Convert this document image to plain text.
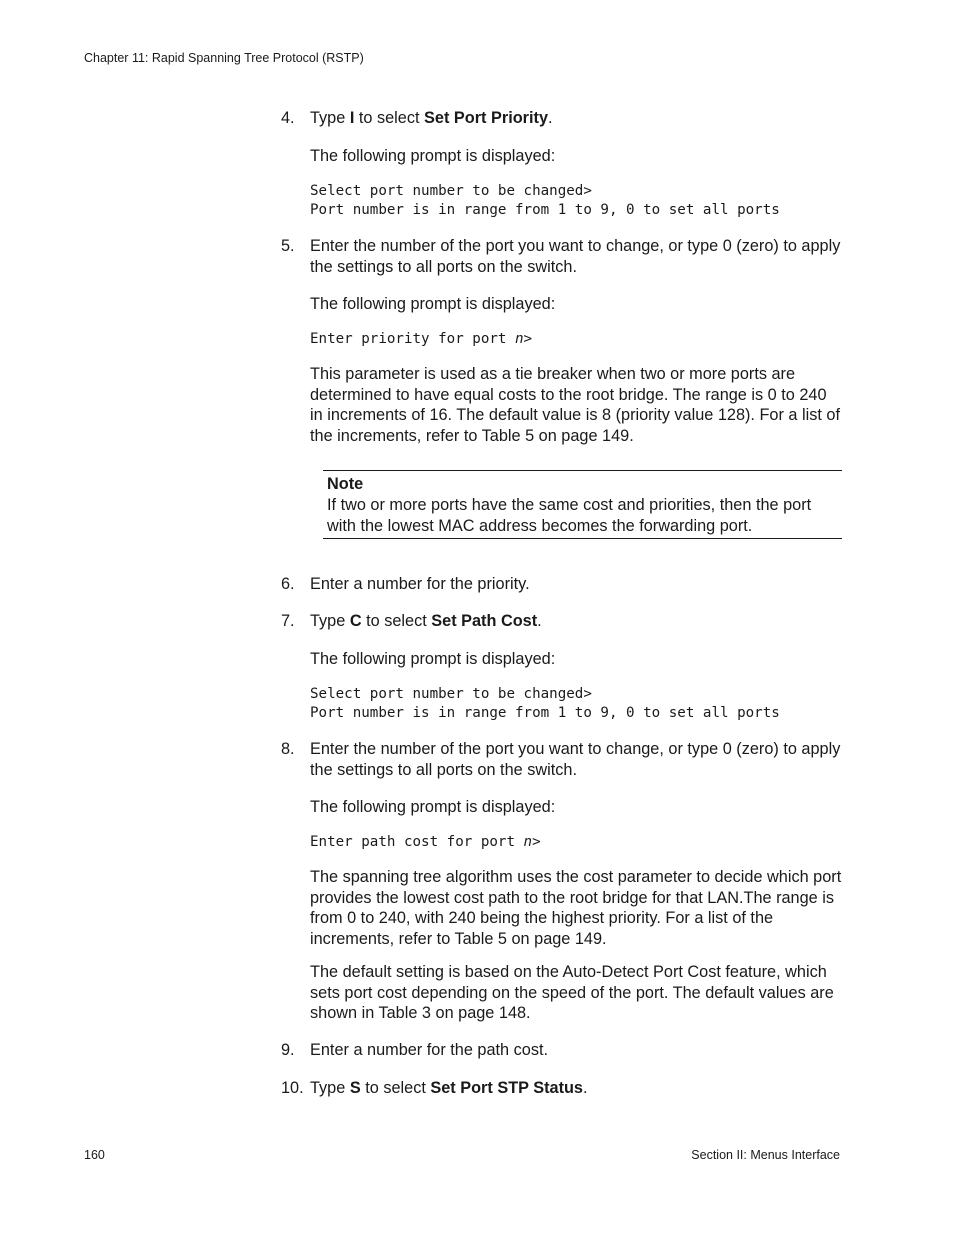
Chapter 11: Rapid Spanning Tree Protocol (RSTP)
4. Type I to select Set Port Priority.

The following prompt is displayed:

Select port number to be changed>
Port number is in range from 1 to 9, 0 to set all ports
5. Enter the number of the port you want to change, or type 0 (zero) to apply the settings to all ports on the switch.

The following prompt is displayed:

Enter priority for port n>

This parameter is used as a tie breaker when two or more ports are determined to have equal costs to the root bridge. The range is 0 to 240 in increments of 16. The default value is 8 (priority value 128). For a list of the increments, refer to Table 5 on page 149.

Note
If two or more ports have the same cost and priorities, then the port with the lowest MAC address becomes the forwarding port.
6. Enter a number for the priority.

7. Type C to select Set Path Cost.

The following prompt is displayed:

Select port number to be changed>
Port number is in range from 1 to 9, 0 to set all ports
8. Enter the number of the port you want to change, or type 0 (zero) to apply the settings to all ports on the switch.

The following prompt is displayed:

Enter path cost for port n>

The spanning tree algorithm uses the cost parameter to decide which port provides the lowest cost path to the root bridge for that LAN.The range is from 0 to 240, with 240 being the highest priority. For a list of the increments, refer to Table 5 on page 149.

The default setting is based on the Auto-Detect Port Cost feature, which sets port cost depending on the speed of the port. The default values are shown in Table 3 on page 148.

9. Enter a number for the path cost.

10. Type S to select Set Port STP Status.

160	Section II: Menus Interface
